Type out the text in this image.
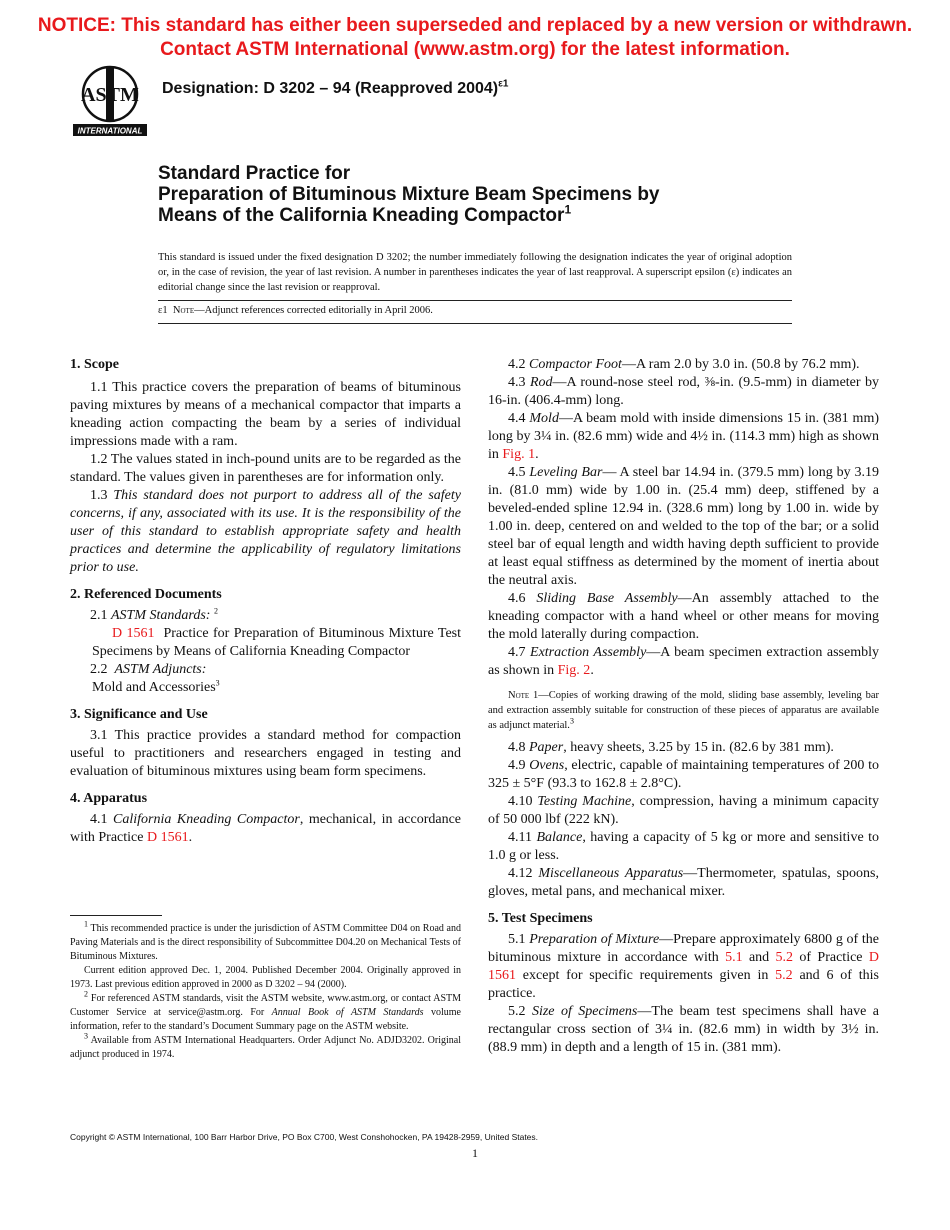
NOTICE: This standard has either been superseded and replaced by a new version or withdrawn.
Contact ASTM International (www.astm.org) for the latest information.
ASTM
INTERNATIONAL
Designation: D 3202 – 94 (Reapproved 2004)$^{\varepsilon 1}$
Standard Practice for
Preparation of Bituminous Mixture Beam Specimens by
Means of the California Kneading Compactor$^1$
This standard is issued under the fixed designation D 3202; the number immediately following the designation indicates the year of original adoption or, in the case of revision, the year of last revision. A number in parentheses indicates the year of last reapproval. A superscript epsilon (ε) indicates an editorial change since the last revision or reapproval.
ε1 Note—Adjunct references corrected editorially in April 2006.
1. Scope

1.1 This practice covers the preparation of beams of bituminous paving mixtures by means of a mechanical compactor that imparts a kneading action compacting the beam by a series of individual impressions made with a ram.

1.2 The values stated in inch-pound units are to be regarded as the standard. The values given in parentheses are for information only.

1.3 This standard does not purport to address all of the safety concerns, if any, associated with its use. It is the responsibility of the user of this standard to establish appropriate safety and health practices and determine the applicability of regulatory limitations prior to use.

2. Referenced Documents

2.1 ASTM Standards: $^2$

D 1561 Practice for Preparation of Bituminous Mixture Test Specimens by Means of California Kneading Compactor

2.2 ASTM Adjuncts:

Mold and Accessories$^3$

3. Significance and Use

3.1 This practice provides a standard method for compaction useful to practitioners and researchers engaged in testing and evaluation of bituminous mixtures using beam form specimens.

4. Apparatus

4.1 California Kneading Compactor, mechanical, in accordance with Practice D 1561.

$^1$ This recommended practice is under the jurisdiction of ASTM Committee D04 on Road and Paving Materials and is the direct responsibility of Subcommittee D04.20 on Mechanical Tests of Bituminous Mixtures.

Current edition approved Dec. 1, 2004. Published December 2004. Originally approved in 1973. Last previous edition approved in 2000 as D 3202 – 94 (2000).

$^2$ For referenced ASTM standards, visit the ASTM website, www.astm.org, or contact ASTM Customer Service at service@astm.org. For Annual Book of ASTM Standards volume information, refer to the standard’s Document Summary page on the ASTM website.

$^3$ Available from ASTM International Headquarters. Order Adjunct No. ADJD3202. Original adjunct produced in 1974.

4.2 Compactor Foot—A ram 2.0 by 3.0 in. (50.8 by 76.2 mm).

4.3 Rod—A round-nose steel rod, ⅜-in. (9.5-mm) in diameter by 16-in. (406.4-mm) long.

4.4 Mold—A beam mold with inside dimensions 15 in. (381 mm) long by 3¼ in. (82.6 mm) wide and 4½ in. (114.3 mm) high as shown in Fig. 1.

4.5 Leveling Bar— A steel bar 14.94 in. (379.5 mm) long by 3.19 in. (81.0 mm) wide by 1.00 in. (25.4 mm) deep, stiffened by a beveled-ended spline 12.94 in. (328.6 mm) long by 1.00 in. wide by 1.00 in. deep, centered on and welded to the top of the bar; or a solid steel bar of equal length and width having depth sufficient to provide at least equal stiffness as determined by the moment of inertia about the neutral axis.

4.6 Sliding Base Assembly—An assembly attached to the kneading compactor with a hand wheel or other means for moving the mold laterally during compaction.

4.7 Extraction Assembly—A beam specimen extraction assembly as shown in Fig. 2.

Note 1—Copies of working drawing of the mold, sliding base assembly, leveling bar and extraction assembly suitable for construction of these pieces of apparatus are available as adjunct material.$^3$

4.8 Paper, heavy sheets, 3.25 by 15 in. (82.6 by 381 mm).

4.9 Ovens, electric, capable of maintaining temperatures of 200 to 325 ± 5°F (93.3 to 162.8 ± 2.8°C).

4.10 Testing Machine, compression, having a minimum capacity of 50 000 lbf (222 kN).

4.11 Balance, having a capacity of 5 kg or more and sensitive to 1.0 g or less.

4.12 Miscellaneous Apparatus—Thermometer, spatulas, spoons, gloves, metal pans, and mechanical mixer.

5. Test Specimens

5.1 Preparation of Mixture—Prepare approximately 6800 g of the bituminous mixture in accordance with 5.1 and 5.2 of Practice D 1561 except for specific requirements given in 5.2 and 6 of this practice.

5.2 Size of Specimens—The beam test specimens shall have a rectangular cross section of 3¼ in. (82.6 mm) in width by 3½ in. (88.9 mm) in depth and a length of 15 in. (381 mm).

Copyright © ASTM International, 100 Barr Harbor Drive, PO Box C700, West Conshohocken, PA 19428-2959, United States.
1
